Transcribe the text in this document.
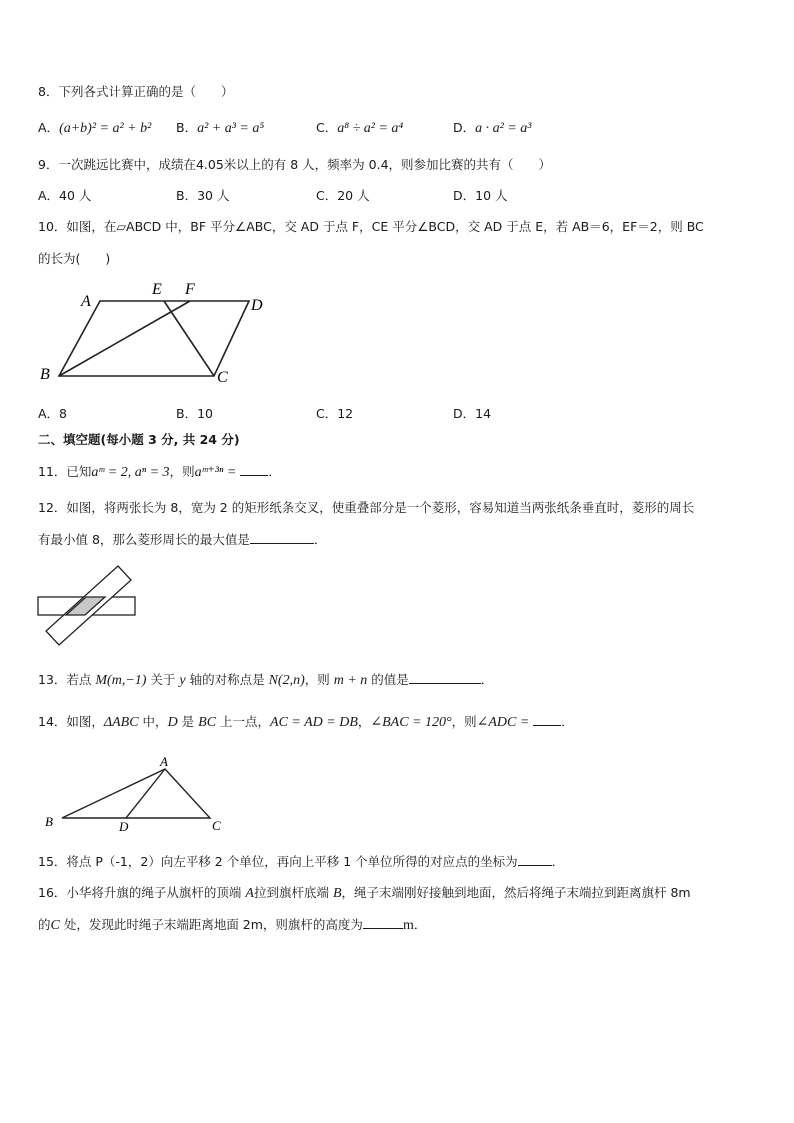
8．下列各式计算正确的是（　　）
A．(a+b)² = a² + b² B．a² + a³ = a⁵	C．a⁸ ÷ a² = a⁴	D．a · a² = a³
9．一次跳远比赛中，成绩在4.05米以上的有 8 人，频率为 0.4，则参加比赛的共有（　　）
A．40 人	B．30 人	C．20 人	D．10 人
10．如图，在▱ABCD 中，BF 平分∠ABC，交 AD 于点 F，CE 平分∠BCD，交 AD 于点 E，若 AB＝6，EF＝2，则 BC
的长为(　　)
A
E F
D
B	C
A．8	B．10	C．12	D．14
二、填空题(每小题 3 分, 共 24 分)
11．已知aᵐ = 2, aⁿ = 3，则aᵐ⁺³ⁿ =	．
12．如图，将两张长为 8，宽为 2 的矩形纸条交叉，使重叠部分是一个菱形，容易知道当两张纸条垂直时，菱形的周长
有最小值 8，那么菱形周长的最大值是	．
13．若点 M(m,−1) 关于 y 轴的对称点是 N(2,n)，则 m + n 的值是	．
14．如图，ΔABC 中，D 是 BC 上一点，AC = AD = DB，∠BAC = 120°，则∠ADC =	．
A
B	D	C
15．将点 P（-1，2）向左平移 2 个单位，再向上平移 1 个单位所得的对应点的坐标为	．
16．小华将升旗的绳子从旗杆的顶端 A拉到旗杆底端 B，绳子末端刚好接触到地面，然后将绳子末端拉到距离旗杆 8m
的C 处，发现此时绳子末端距离地面 2m，则旗杆的高度为	m．
